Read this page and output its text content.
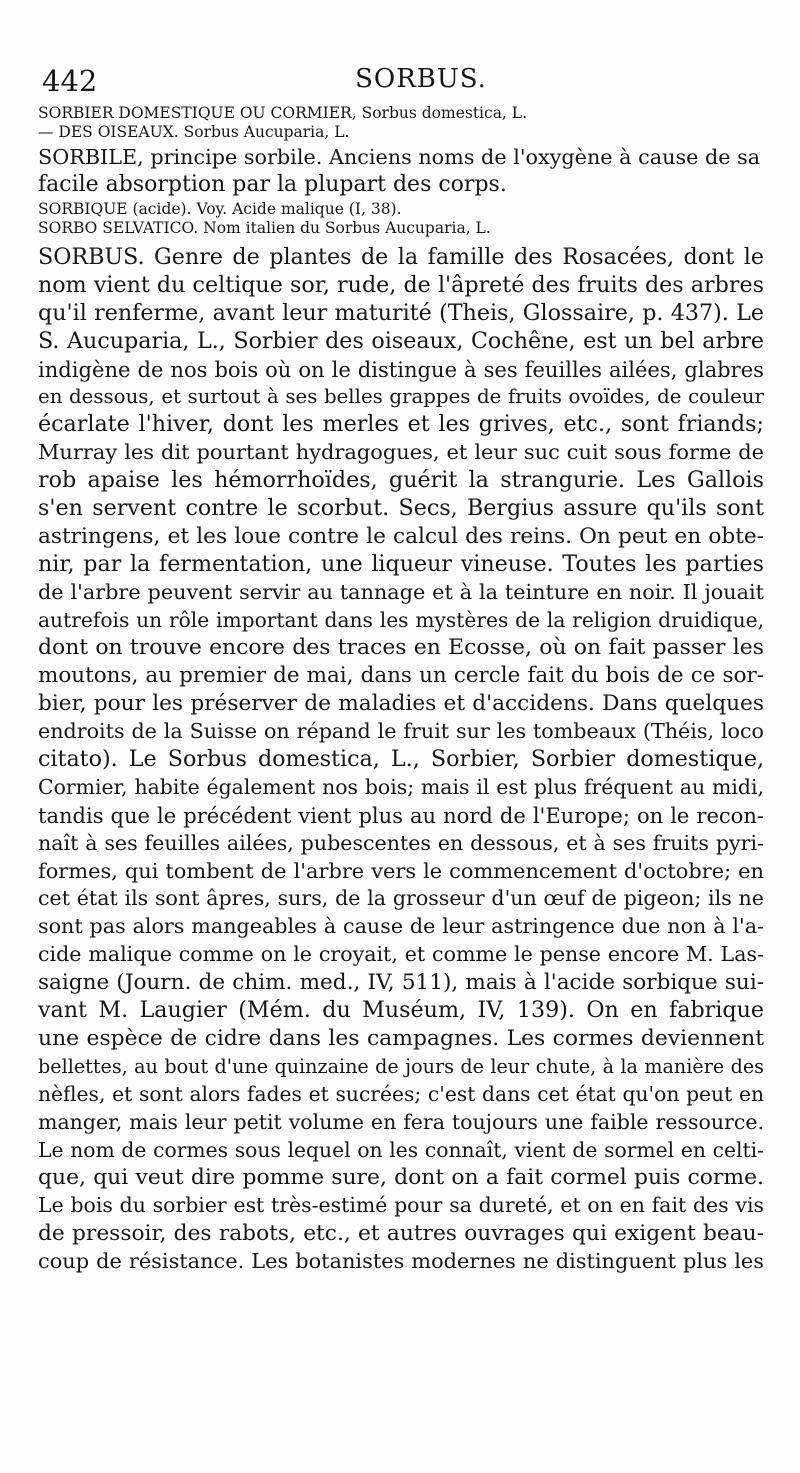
442	SORBUS.
SORBIER DOMESTIQUE OU CORMIER, Sorbus domestica, L.
— DES OISEAUX. Sorbus Aucuparia, L.
SORBILE, principe sorbile. Anciens noms de l'oxygène à cause de sa
facile absorption par la plupart des corps.
SORBIQUE (acide). Voy. Acide malique (I, 38).
SORBO SELVATICO. Nom italien du Sorbus Aucuparia, L.
SORBUS. Genre de plantes de la famille des Rosacées, dont le
nom vient du celtique sor, rude, de l'âpreté des fruits des arbres
qu'il renferme, avant leur maturité (Theis, Glossaire, p. 437). Le
S. Aucuparia, L., Sorbier des oiseaux, Cochêne, est un bel arbre
indigène de nos bois où on le distingue à ses feuilles ailées, glabres
en dessous, et surtout à ses belles grappes de fruits ovoïdes, de couleur
écarlate l'hiver, dont les merles et les grives, etc., sont friands;
Murray les dit pourtant hydragogues, et leur suc cuit sous forme de
rob apaise les hémorrhoïdes, guérit la strangurie. Les Gallois
s'en servent contre le scorbut. Secs, Bergius assure qu'ils sont
astringens, et les loue contre le calcul des reins. On peut en obte-
nir, par la fermentation, une liqueur vineuse. Toutes les parties
de l'arbre peuvent servir au tannage et à la teinture en noir. Il jouait
autrefois un rôle important dans les mystères de la religion druidique,
dont on trouve encore des traces en Ecosse, où on fait passer les
moutons, au premier de mai, dans un cercle fait du bois de ce sor-
bier, pour les préserver de maladies et d'accidens. Dans quelques
endroits de la Suisse on répand le fruit sur les tombeaux (Théis, loco
citato). Le Sorbus domestica, L., Sorbier, Sorbier domestique,
Cormier, habite également nos bois; mais il est plus fréquent au midi,
tandis que le précédent vient plus au nord de l'Europe; on le recon-
naît à ses feuilles ailées, pubescentes en dessous, et à ses fruits pyri-
formes, qui tombent de l'arbre vers le commencement d'octobre; en
cet état ils sont âpres, surs, de la grosseur d'un œuf de pigeon; ils ne
sont pas alors mangeables à cause de leur astringence due non à l'a-
cide malique comme on le croyait, et comme le pense encore M. Las-
saigne (Journ. de chim. med., IV, 511), mais à l'acide sorbique sui-
vant M. Laugier (Mém. du Muséum, IV, 139). On en fabrique
une espèce de cidre dans les campagnes. Les cormes deviennent
bellettes, au bout d'une quinzaine de jours de leur chute, à la manière des
nèfles, et sont alors fades et sucrées; c'est dans cet état qu'on peut en
manger, mais leur petit volume en fera toujours une faible ressource.
Le nom de cormes sous lequel on les connaît, vient de sormel en celti-
que, qui veut dire pomme sure, dont on a fait cormel puis corme.
Le bois du sorbier est très-estimé pour sa dureté, et on en fait des vis
de pressoir, des rabots, etc., et autres ouvrages qui exigent beau-
coup de résistance. Les botanistes modernes ne distinguent plus les
